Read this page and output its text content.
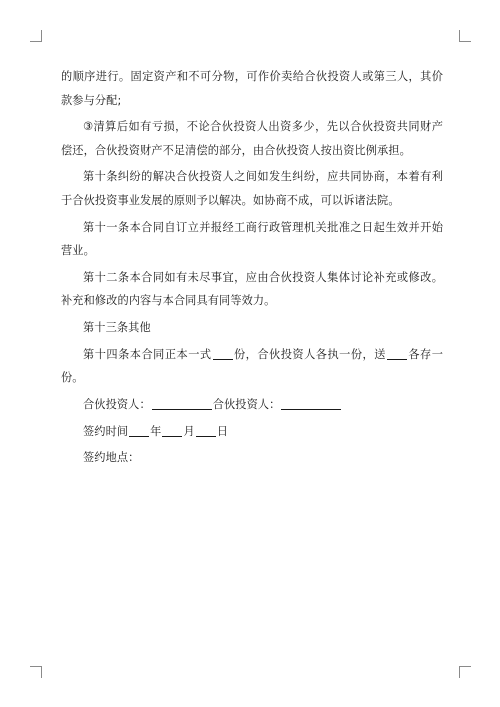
的顺序进行。固定资产和不可分物，可作价卖给合伙投资人或第三人，其价款参与分配;

③清算后如有亏损，不论合伙投资人出资多少，先以合伙投资共同财产偿还，合伙投资财产不足清偿的部分，由合伙投资人按出资比例承担。

第十条纠纷的解决合伙投资人之间如发生纠纷，应共同协商，本着有利于合伙投资事业发展的原则予以解决。如协商不成，可以诉诸法院。

第十一条本合同自订立并报经工商行政管理机关批准之日起生效并开始营业。

第十二条本合同如有未尽事宜，应由合伙投资人集体讨论补充或修改。补充和修改的内容与本合同具有同等效力。

第十三条其他

第十四条本合同正本一式 份，合伙投资人各执一份，送 各存一份。

合伙投资人：	合伙投资人：

签约时间 年 月 日

签约地点：
